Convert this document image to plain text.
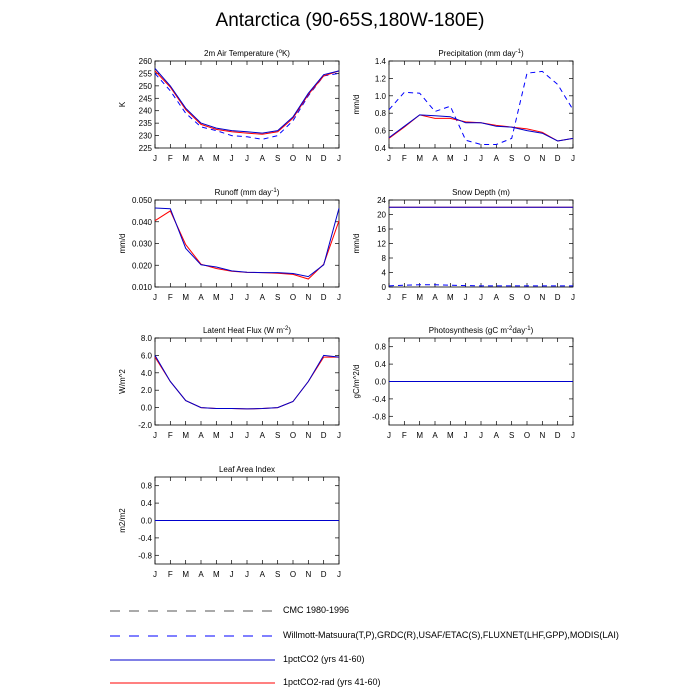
Antarctica (90-65S,180W-180E)
2m Air Temperature ($^o$K)
225
230
235
240
245
250
255
260
K
J F M A M J J A S O N D J
Precipitation (mm day$^{-1}$)
0.4
0.6
0.8
1.0
1.2
1.4
mm/d
J F M A M J J A S O N D J
Runoff (mm day$^{-1}$)
0.010
0.020
0.030
0.040
0.050
mm/d
J F M A M J J A S O N D J
Snow Depth (m)
0
4
8
12
16
20
24
mm/d
J F M A M J J A S O N D J
Latent Heat Flux (W $m^{-2}$)
-2.0
0.0
2.0
4.0
6.0
8.0
W/m^2
J F M A M J J A S O N D J
Photosynthesis (gC $m^{-2}day^{-1}$)
-0.8
-0.4
0.0
0.4
0.8
gC/m^2/d
J F M A M J J A S O N D J
Leaf Area Index
-0.8
-0.4
0.0
0.4
0.8
m2/m2
J F M A M J J A S O N D J
CMC 1980-1996
Willmott-Matsuura(T,P),GRDC(R),USAF/ETAC(S),FLUXNET(LHF,GPP),MODIS(LAI)
1pctCO2 (yrs 41-60)
1pctCO2-rad (yrs 41-60)
